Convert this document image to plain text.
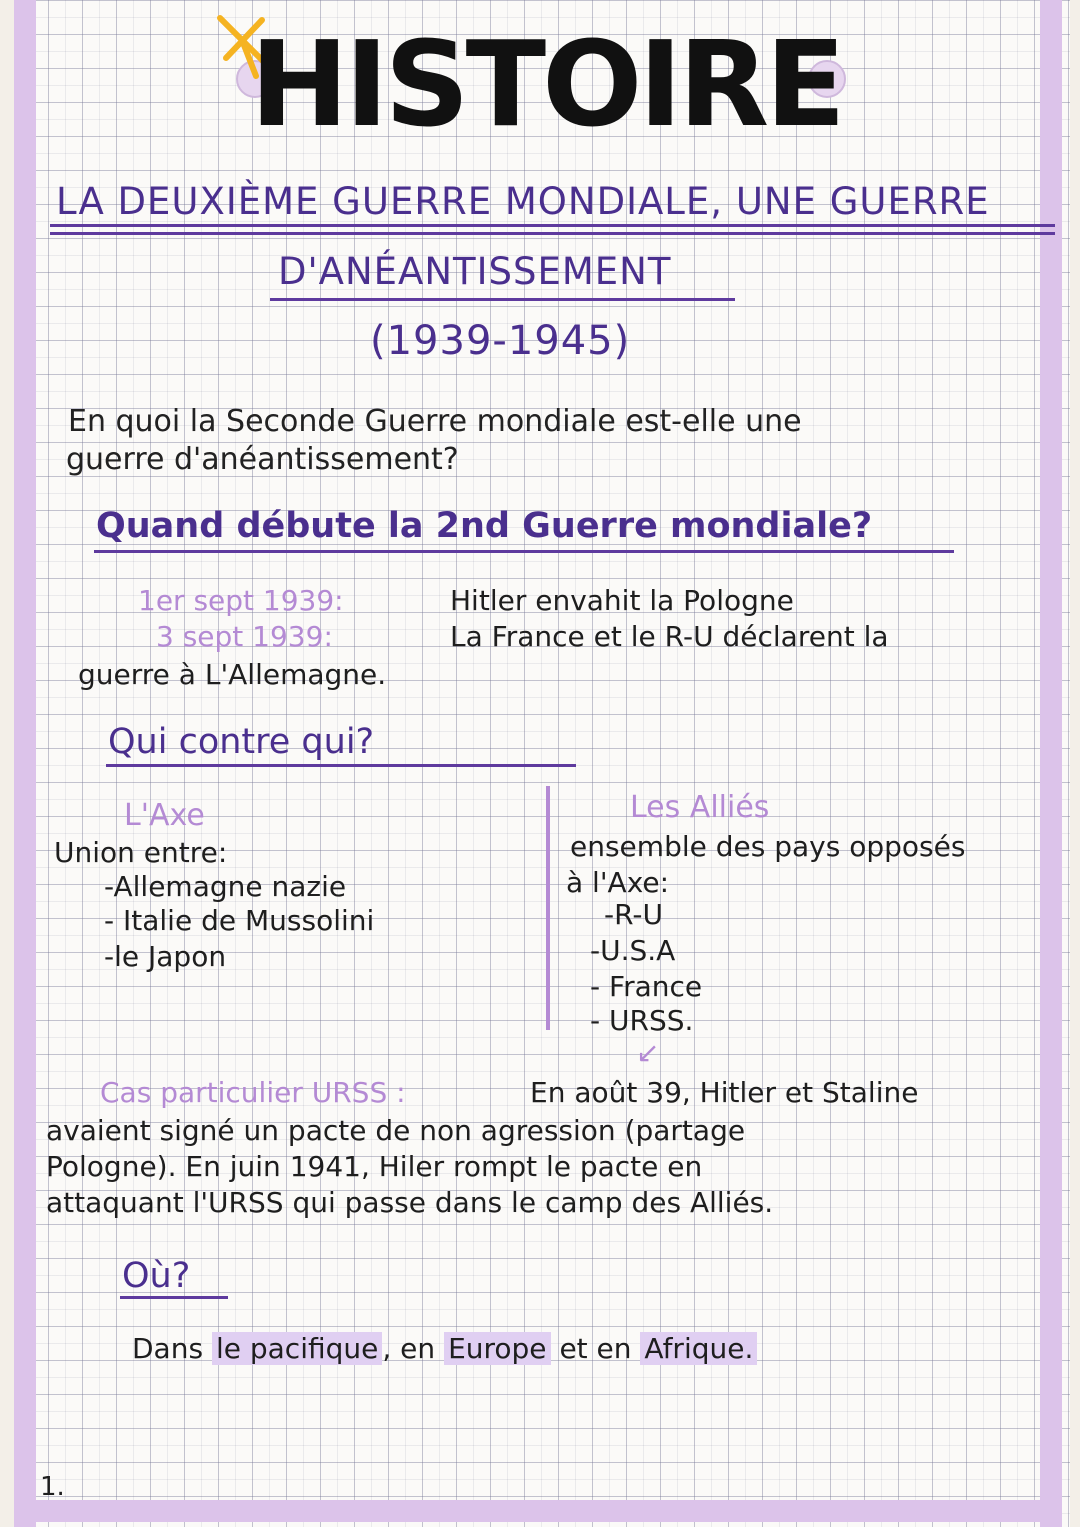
HISTOIRE
LA DEUXIÈME GUERRE MONDIALE, UNE GUERRE
D'ANÉANTISSEMENT
(1939-1945)
En quoi la Seconde Guerre mondiale est-elle une
guerre d'anéantissement?
Quand débute la 2nd Guerre mondiale?
1er sept 1939:	Hitler envahit la Pologne
3 sept 1939:	La France et le R-U déclarent la
guerre à L'Allemagne.
Qui contre qui?
L'Axe
Union entre:
-Allemagne nazie
- Italie de Mussolini
-le Japon
Les Alliés
ensemble des pays opposés
à l'Axe:
-R-U
-U.S.A
- France
- URSS.
↙
Cas particulier URSS :	En août 39, Hitler et Staline
avaient signé un pacte de non agression (partage
Pologne). En juin 1941, Hiler rompt le pacte en
attaquant l'URSS qui passe dans le camp des Alliés.
Où?
Dans le pacifique , en Europe et en Afrique.
1.
